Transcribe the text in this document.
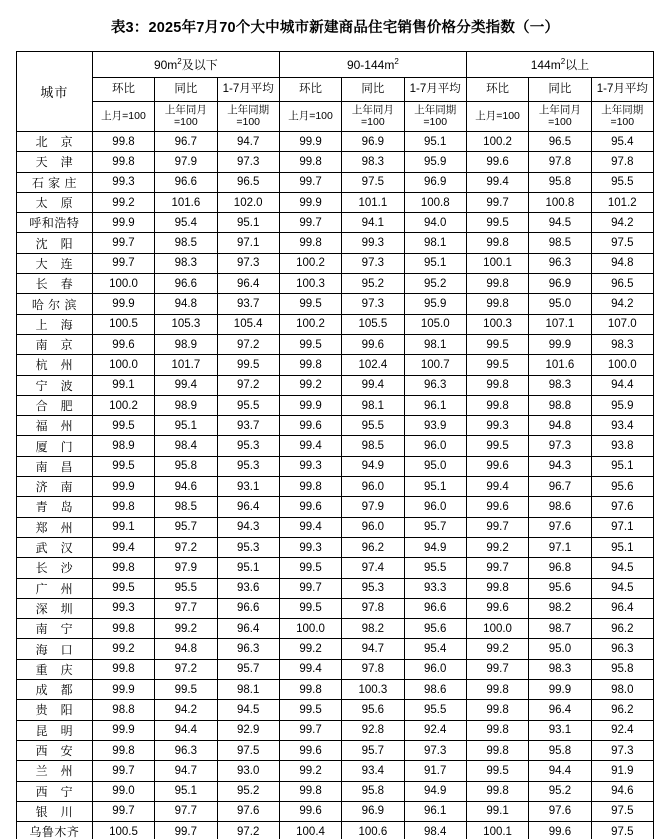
表3：2025年7月70个大中城市新建商品住宅销售价格分类指数（一）
城市	$90m^2$及以下			$90-144m^2$			$144m^2$以上		
	环比	同比	1-7月平均	环比	同比	1-7月平均	环比	同比	1-7月平均
	上月=100	上年同月=100	上年同期=100	上月=100	上年同月=100	上年同期=100	上月=100	上年同月=100	上年同期=100
北　京	99.8	96.7	94.7	99.9	96.9	95.1	100.2	96.5	95.4
天　津	99.8	97.9	97.3	99.8	98.3	95.9	99.6	97.8	97.8
石 家 庄	99.3	96.6	96.5	99.7	97.5	96.9	99.4	95.8	95.5
太　原	99.2	101.6	102.0	99.9	101.1	100.8	99.7	100.8	101.2
呼和浩特	99.9	95.4	95.1	99.7	94.1	94.0	99.5	94.5	94.2
沈　阳	99.7	98.5	97.1	99.8	99.3	98.1	99.8	98.5	97.5
大　连	99.7	98.3	97.3	100.2	97.3	95.1	100.1	96.3	94.8
长　春	100.0	96.6	96.4	100.3	95.2	95.2	99.8	96.9	96.5
哈 尔 滨	99.9	94.8	93.7	99.5	97.3	95.9	99.8	95.0	94.2
上　海	100.5	105.3	105.4	100.2	105.5	105.0	100.3	107.1	107.0
南　京	99.6	98.9	97.2	99.5	99.6	98.1	99.5	99.9	98.3
杭　州	100.0	101.7	99.5	99.8	102.4	100.7	99.5	101.6	100.0
宁　波	99.1	99.4	97.2	99.2	99.4	96.3	99.8	98.3	94.4
合　肥	100.2	98.9	95.5	99.9	98.1	96.1	99.8	98.8	95.9
福　州	99.5	95.1	93.7	99.6	95.5	93.9	99.3	94.8	93.4
厦　门	98.9	98.4	95.3	99.4	98.5	96.0	99.5	97.3	93.8
南　昌	99.5	95.8	95.3	99.3	94.9	95.0	99.6	94.3	95.1
济　南	99.9	94.6	93.1	99.8	96.0	95.1	99.4	96.7	95.6
青　岛	99.8	98.5	96.4	99.6	97.9	96.0	99.6	98.6	97.6
郑　州	99.1	95.7	94.3	99.4	96.0	95.7	99.7	97.6	97.1
武　汉	99.4	97.2	95.3	99.3	96.2	94.9	99.2	97.1	95.1
长　沙	99.8	97.9	95.1	99.5	97.4	95.5	99.7	96.8	94.5
广　州	99.5	95.5	93.6	99.7	95.3	93.3	99.8	95.6	94.5
深　圳	99.3	97.7	96.6	99.5	97.8	96.6	99.6	98.2	96.4
南　宁	99.8	99.2	96.4	100.0	98.2	95.6	100.0	98.7	96.2
海　口	99.2	94.8	96.3	99.2	94.7	95.4	99.2	95.0	96.3
重　庆	99.8	97.2	95.7	99.4	97.8	96.0	99.7	98.3	95.8
成　都	99.9	99.5	98.1	99.8	100.3	98.6	99.8	99.9	98.0
贵　阳	98.8	94.2	94.5	99.5	95.6	95.5	99.8	96.4	96.2
昆　明	99.9	94.4	92.9	99.7	92.8	92.4	99.8	93.1	92.4
西　安	99.8	96.3	97.5	99.6	95.7	97.3	99.8	95.8	97.3
兰　州	99.7	94.7	93.0	99.2	93.4	91.7	99.5	94.4	91.9
西　宁	99.0	95.1	95.2	99.8	95.8	94.9	99.8	95.2	94.6
银　川	99.7	97.7	97.6	99.6	96.9	96.1	99.1	97.6	97.5
乌鲁木齐	100.5	99.7	97.2	100.4	100.6	98.4	100.1	99.6	97.5
